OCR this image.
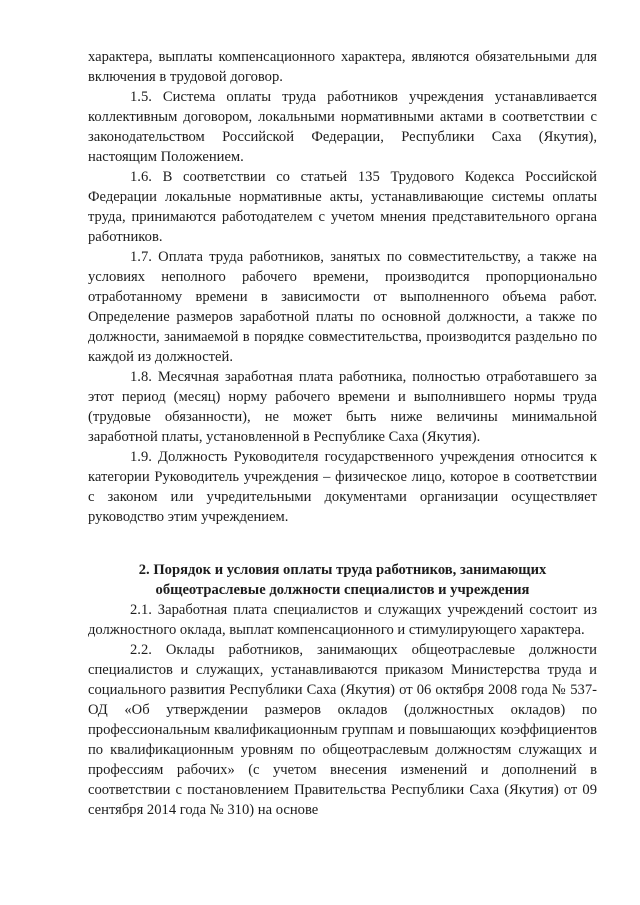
характера, выплаты компенсационного характера, являются обязательными для включения в трудовой договор.

1.5. Система оплаты труда работников учреждения устанавливается коллективным договором, локальными нормативными актами в соответствии с законодательством Российской Федерации, Республики Саха (Якутия), настоящим Положением.

1.6. В соответствии со статьей 135 Трудового Кодекса Российской Федерации локальные нормативные акты, устанавливающие системы оплаты труда, принимаются работодателем с учетом мнения представительного органа работников.

1.7. Оплата труда работников, занятых по совместительству, а также на условиях неполного рабочего времени, производится пропорционально отработанному времени в зависимости от выполненного объема работ. Определение размеров заработной платы по основной должности, а также по должности, занимаемой в порядке совместительства, производится раздельно по каждой из должностей.

1.8. Месячная заработная плата работника, полностью отработавшего за этот период (месяц) норму рабочего времени и выполнившего нормы труда (трудовые обязанности), не может быть ниже величины минимальной заработной платы, установленной в Республике Саха (Якутия).

1.9. Должность Руководителя государственного учреждения относится к категории Руководитель учреждения – физическое лицо, которое в соответствии с законом или учредительными документами организации осуществляет руководство этим учреждением.

2. Порядок и условия оплаты труда работников, занимающих
общеотраслевые должности специалистов и учреждения

2.1. Заработная плата специалистов и служащих учреждений состоит из должностного оклада, выплат компенсационного и стимулирующего характера.

2.2. Оклады работников, занимающих общеотраслевые должности специалистов и служащих, устанавливаются приказом Министерства труда и социального развития Республики Саха (Якутия) от 06 октября 2008 года № 537-ОД «Об утверждении размеров окладов (должностных окладов) по профессиональным квалификационным группам и повышающих коэффициентов по квалификационным уровням по общеотраслевым должностям служащих и профессиям рабочих» (с учетом внесения изменений и дополнений в соответствии с постановлением Правительства Республики Саха (Якутия) от 09 сентября 2014 года № 310) на основе
